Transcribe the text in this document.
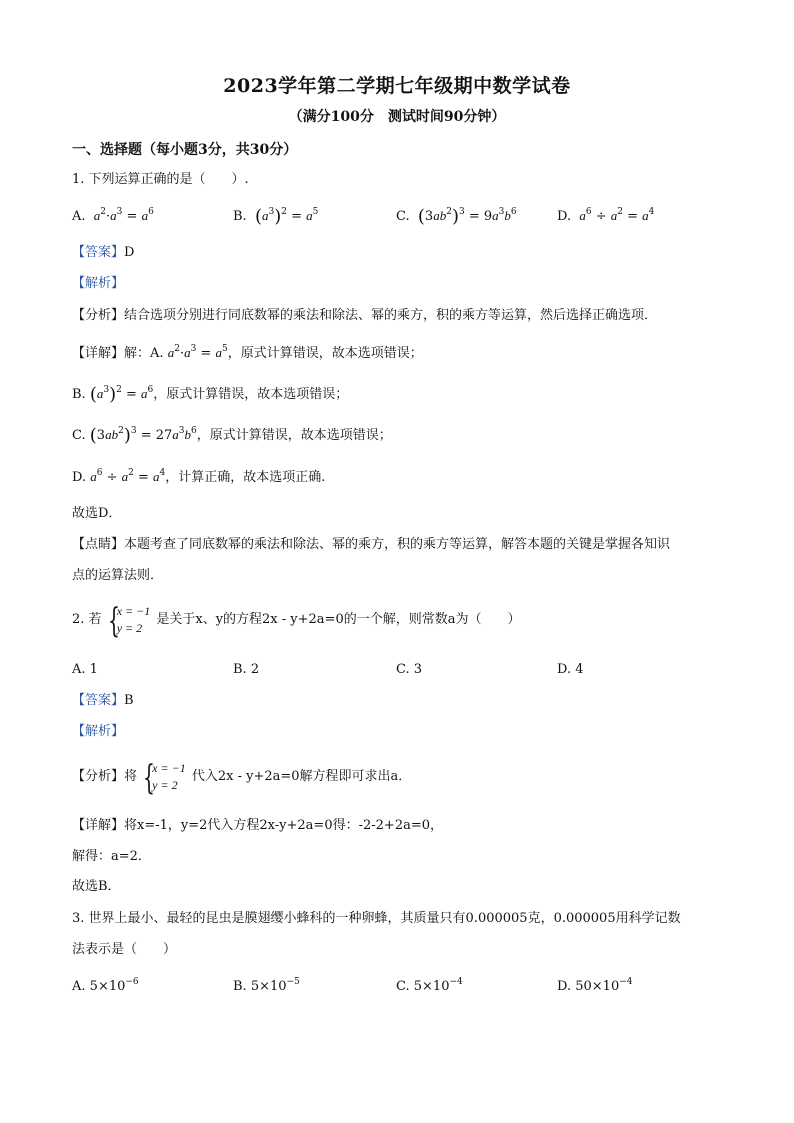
2023学年第二学期七年级期中数学试卷
（满分100分　测试时间90分钟）
一、选择题（每小题3分，共30分）
1. 下列运算正确的是（　　）.
A. $a^2\cdot a^3 = a^6$	B. $(a^3)^2 = a^5$	C. $(3ab^2)^3 = 9a^3b^6$	D. $a^6 \div a^2 = a^4$
【答案】D
【解析】
【分析】结合选项分别进行同底数幂的乘法和除法、幂的乘方，积的乘方等运算，然后选择正确选项．
【详解】解：A. $a^2\cdot a^3 = a^5$，原式计算错误，故本选项错误；
B. $(a^3)^2 = a^6$，原式计算错误，故本选项错误；
C. $(3ab^2)^3 = 27a^3b^6$，原式计算错误，故本选项错误；
D. $a^6 \div a^2 = a^4$，计算正确，故本选项正确.
故选D．
【点睛】本题考查了同底数幂的乘法和除法、幂的乘方，积的乘方等运算，解答本题的关键是掌握各知识
点的运算法则．
2. 若 {
x = −1
y = 2
是关于x、y的方程2x - y+2a=0的一个解，则常数a为（　　）
A. 1	B. 2	C. 3	D. 4
【答案】B
【解析】
【分析】将 {
x = −1
y = 2
代入2x - y+2a=0解方程即可求出a．
【详解】将x=-1，y=2代入方程2x-y+2a=0得：-2-2+2a=0，
解得：a=2．
故选B．
3. 世界上最小、最轻的昆虫是膜翅缨小蜂科的一种卵蜂，其质量只有0.000005克，0.000005用科学记数
法表示是（　　）
A. $5\times 10^{-6}$	B. $5\times 10^{-5}$	C. $5\times 10^{-4}$	D. $50\times 10^{-4}$
